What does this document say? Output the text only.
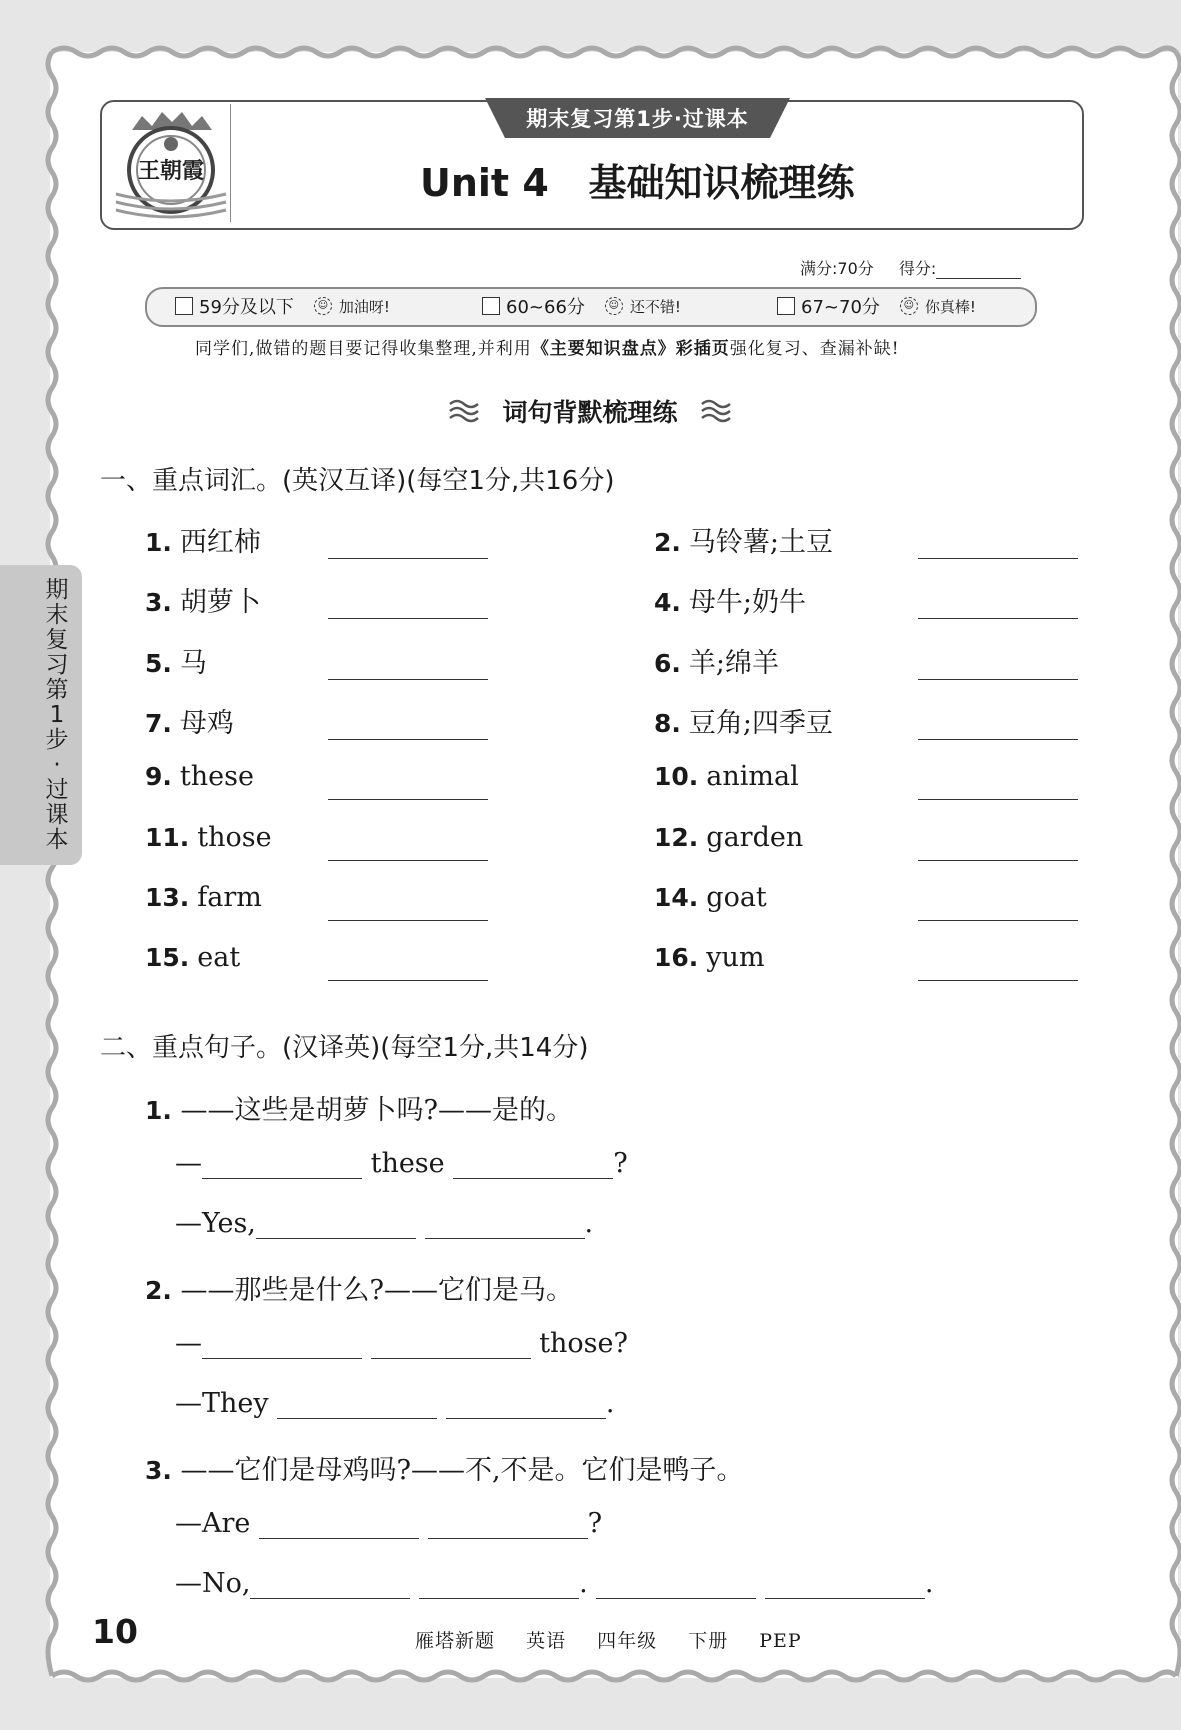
王朝霞
期末复习第1步·过课本
Unit 4   基础知识梳理练
满分:70分 得分:
59分及以下	☺ 加油呀!	60~66分	☺ 还不错!	67~70分	☺ 你真棒!
同学们,做错的题目要记得收集整理,并利用《主要知识盘点》彩插页强化复习、查漏补缺!
词句背默梳理练
一、重点词汇。(英汉互译)(每空1分,共16分)
1. 西红柿	2. 马铃薯;土豆
3. 胡萝卜	4. 母牛;奶牛
5. 马	6. 羊;绵羊
7. 母鸡	8. 豆角;四季豆
9. these	10. animal
11. those	12. garden
13. farm	14. goat
15. eat	16. yum
二、重点句子。(汉译英)(每空1分,共14分)
1. ——这些是胡萝卜吗?——是的。
—	these	?
—Yes,	.
2. ——那些是什么?——它们是马。
—	those?
—They	.
3. ——它们是母鸡吗?——不,不是。它们是鸭子。
—Are	?
—No,	.	.
期末复习第1步·过课本
10	雁塔新题 英语 四年级 下册 PEP
